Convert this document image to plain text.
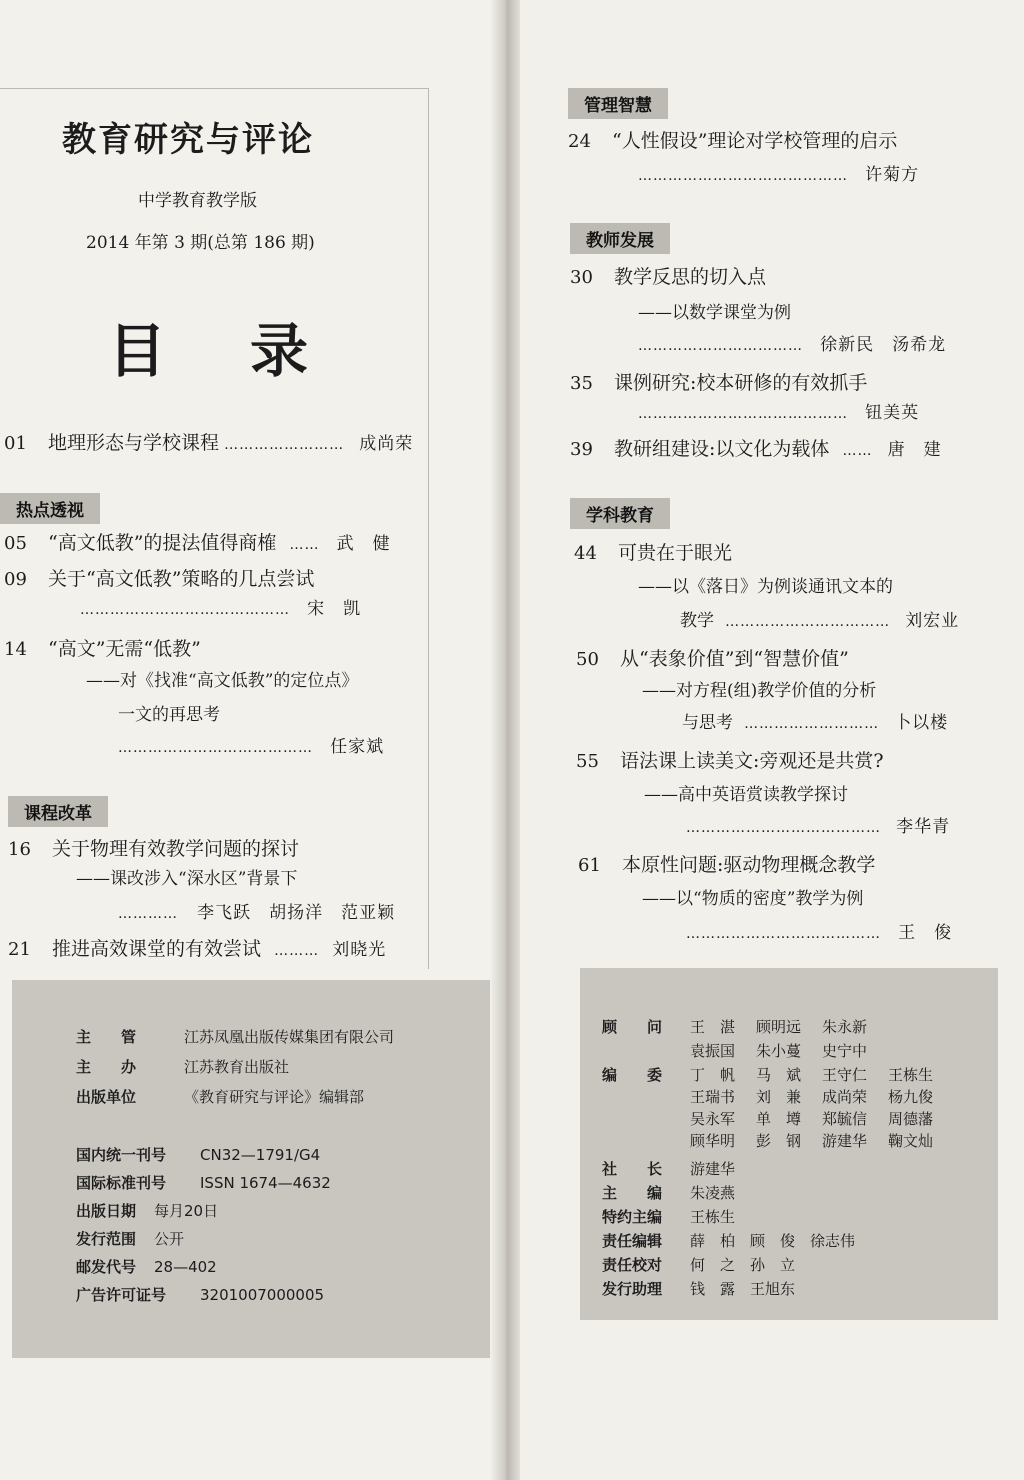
教育研究与评论
中学教育教学版
2014 年第 3 期(总第 186 期)
目录
01 地理形态与学校课程 …………………… 成尚荣
热点透视
05 “高文低教”的提法值得商榷 …… 武　健
09 关于“高文低教”策略的几点尝试
…………………………………… 宋　凯
14 “高文”无需“低教”
——对《找准“高文低教”的定位点》
一文的再思考
………………………………… 任家斌
课程改革
16 关于物理有效教学问题的探讨
——课改涉入“深水区”背景下
………… 李飞跃　胡扬洋　范亚颖
21 推进高效课堂的有效尝试 ……… 刘晓光
主　　管	江苏凤凰出版传媒集团有限公司
主　　办	江苏教育出版社
出版单位	《教育研究与评论》编辑部
国内统一刊号 CN32—1791/G4
国际标准刊号 ISSN 1674—4632
出版日期 每月20日
发行范围 公开
邮发代号 28—402
广告许可证号 3201007000005
管理智慧
24 “人性假设”理论对学校管理的启示
…………………………………… 许菊方
教师发展
30 教学反思的切入点
——以数学课堂为例
…………………………… 徐新民　汤希龙
35 课例研究:校本研修的有效抓手
…………………………………… 钮美英
39 教研组建设:以文化为载体 …… 唐　建
学科教育
44 可贵在于眼光
——以《落日》为例谈通讯文本的
教学 …………………………… 刘宏业
50 从“表象价值”到“智慧价值”
——对方程(组)教学价值的分析
与思考 ……………………… 卜以楼
55 语法课上读美文:旁观还是共赏?
——高中英语赏读教学探讨
………………………………… 李华青
61 本原性问题:驱动物理概念教学
——以“物质的密度”教学为例
………………………………… 王　俊
顾　　问 王　湛 顾明远 朱永新
袁振国 朱小蔓 史宁中
编　　委 丁　帆 马　斌 王守仁 王栋生
王瑞书 刘　兼 成尚荣 杨九俊
吴永军 单　墫 郑毓信 周德藩
顾华明 彭　钢 游建华 鞠文灿
社　　长 游建华
主　　编 朱凌燕
特约主编 王栋生
责任编辑 薛　柏　顾　俊　徐志伟
责任校对 何　之　孙　立
发行助理 钱　露　王旭东
